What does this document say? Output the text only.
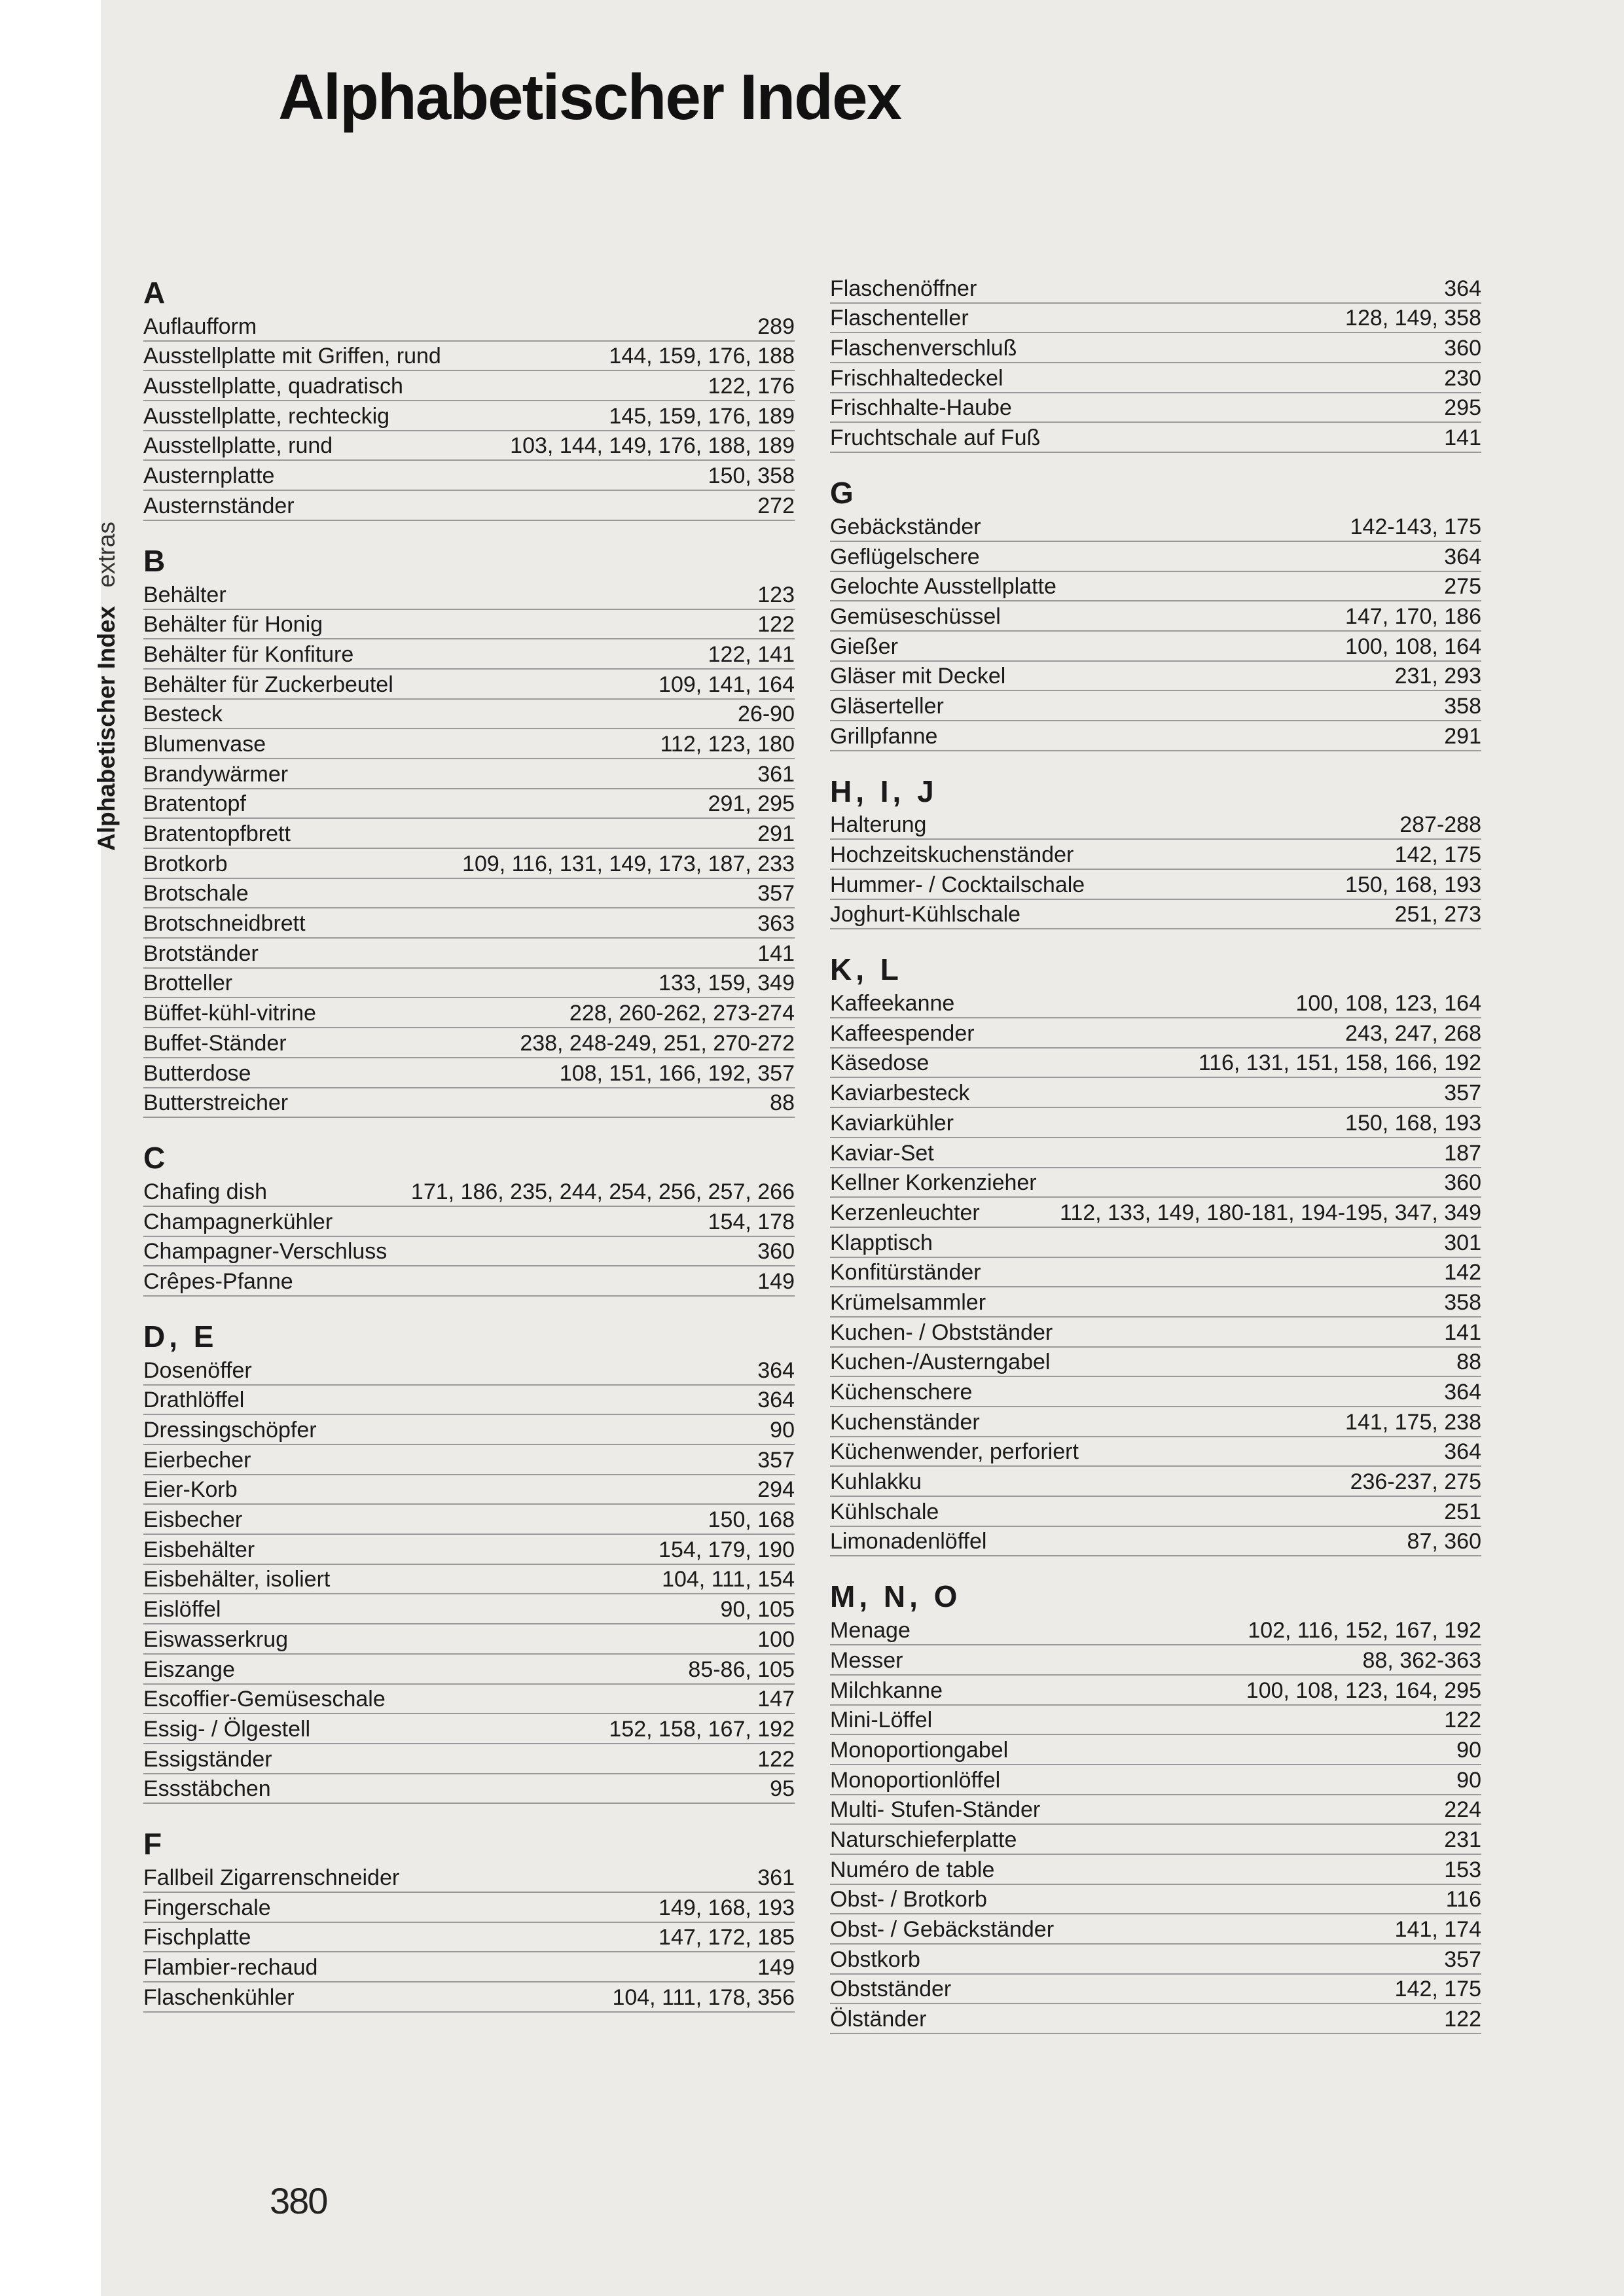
Alphabetischer Index
Alphabetischer Index
extras
A
Auflaufform	289
Ausstellplatte mit Griffen, rund	144, 159, 176, 188
Ausstellplatte, quadratisch	122, 176
Ausstellplatte, rechteckig	145, 159, 176, 189
Ausstellplatte, rund	103, 144, 149, 176, 188, 189
Austernplatte	150, 358
Austernständer	272
B
Behälter	123
Behälter für Honig	122
Behälter für Konfiture	122, 141
Behälter für Zuckerbeutel	109, 141, 164
Besteck	26-90
Blumenvase	112, 123, 180
Brandywärmer	361
Bratentopf	291, 295
Bratentopfbrett	291
Brotkorb	109, 116, 131, 149, 173, 187, 233
Brotschale	357
Brotschneidbrett	363
Brotständer	141
Brotteller	133, 159, 349
Büffet-kühl-vitrine	228, 260-262, 273-274
Buffet-Ständer	238, 248-249, 251, 270-272
Butterdose	108, 151, 166, 192, 357
Butterstreicher	88
C
Chafing dish	171, 186, 235, 244, 254, 256, 257, 266
Champagnerkühler	154, 178
Champagner-Verschluss	360
Crêpes-Pfanne	149
D, E
Dosenöffer	364
Drathlöffel	364
Dressingschöpfer	90
Eierbecher	357
Eier-Korb	294
Eisbecher	150, 168
Eisbehälter	154, 179, 190
Eisbehälter, isoliert	104, 111, 154
Eislöffel	90, 105
Eiswasserkrug	100
Eiszange	85-86, 105
Escoffier-Gemüseschale	147
Essig- / Ölgestell	152, 158, 167, 192
Essigständer	122
Essstäbchen	95
F
Fallbeil Zigarrenschneider	361
Fingerschale	149, 168, 193
Fischplatte	147, 172, 185
Flambier-rechaud	149
Flaschenkühler	104, 111, 178, 356
Flaschenöffner	364
Flaschenteller	128, 149, 358
Flaschenverschluß	360
Frischhaltedeckel	230
Frischhalte-Haube	295
Fruchtschale auf Fuß	141
G
Gebäckständer	142-143, 175
Geflügelschere	364
Gelochte Ausstellplatte	275
Gemüseschüssel	147, 170, 186
Gießer	100, 108, 164
Gläser mit Deckel	231, 293
Gläserteller	358
Grillpfanne	291
H, I, J
Halterung	287-288
Hochzeitskuchenständer	142, 175
Hummer- / Cocktailschale	150, 168, 193
Joghurt-Kühlschale	251, 273
K, L
Kaffeekanne	100, 108, 123, 164
Kaffeespender	243, 247, 268
Käsedose	116, 131, 151, 158, 166, 192
Kaviarbesteck	357
Kaviarkühler	150, 168, 193
Kaviar-Set	187
Kellner Korkenzieher	360
Kerzenleuchter	112, 133, 149, 180-181, 194-195, 347, 349
Klapptisch	301
Konfitürständer	142
Krümelsammler	358
Kuchen- / Obstständer	141
Kuchen-/Austerngabel	88
Küchenschere	364
Kuchenständer	141, 175, 238
Küchenwender, perforiert	364
Kuhlakku	236-237, 275
Kühlschale	251
Limonadenlöffel	87, 360
M, N, O
Menage	102, 116, 152, 167, 192
Messer	88, 362-363
Milchkanne	100, 108, 123, 164, 295
Mini-Löffel	122
Monoportiongabel	90
Monoportionlöffel	90
Multi- Stufen-Ständer	224
Naturschieferplatte	231
Numéro de table	153
Obst- / Brotkorb	116
Obst- / Gebäckständer	141, 174
Obstkorb	357
Obstständer	142, 175
Ölständer	122
380
